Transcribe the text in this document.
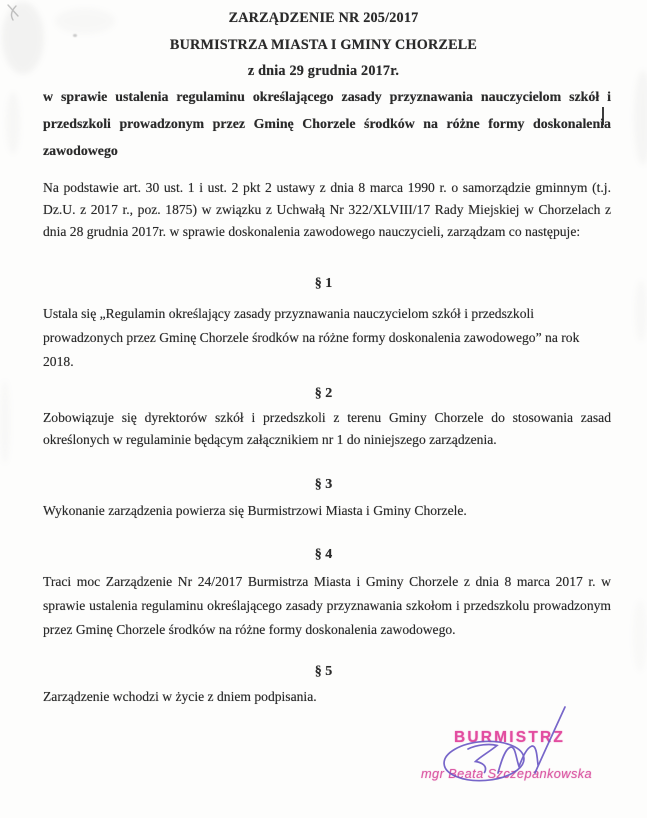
ZARZĄDZENIE NR 205/2017
BURMISTRZA MIASTA I GMINY CHORZELE
z dnia 29 grudnia 2017r.
w sprawie ustalenia regulaminu określającego zasady przyznawania nauczycielom szkół i przedszkoli prowadzonym przez Gminę Chorzele środków na różne formy doskonalenia zawodowego
Na podstawie art. 30 ust. 1 i ust. 2 pkt 2 ustawy z dnia 8 marca 1990 r. o samorządzie gminnym (t.j. Dz.U. z 2017 r., poz. 1875) w związku z Uchwałą Nr 322/XLVIII/17 Rady Miejskiej w Chorzelach z dnia 28 grudnia 2017r. w sprawie doskonalenia zawodowego nauczycieli, zarządzam co następuje:
§ 1
Ustala się „Regulamin określający zasady przyznawania nauczycielom szkół i przedszkoli prowadzonych przez Gminę Chorzele środków na różne formy doskonalenia zawodowego” na rok 2018.
§ 2
Zobowiązuje się dyrektorów szkół i przedszkoli z terenu Gminy Chorzele do stosowania zasad określonych w regulaminie będącym załącznikiem nr 1 do niniejszego zarządzenia.
§ 3
Wykonanie zarządzenia powierza się Burmistrzowi Miasta i Gminy Chorzele.
§ 4
Traci moc Zarządzenie Nr 24/2017 Burmistrza Miasta i Gminy Chorzele z dnia 8 marca 2017 r. w sprawie ustalenia regulaminu określającego zasady przyznawania szkołom i przedszkolu prowadzonym przez Gminę Chorzele środków na różne formy doskonalenia zawodowego.
§ 5
Zarządzenie wchodzi w życie z dniem podpisania.
BURMISTRZ
mgr Beata Szczepankowska
